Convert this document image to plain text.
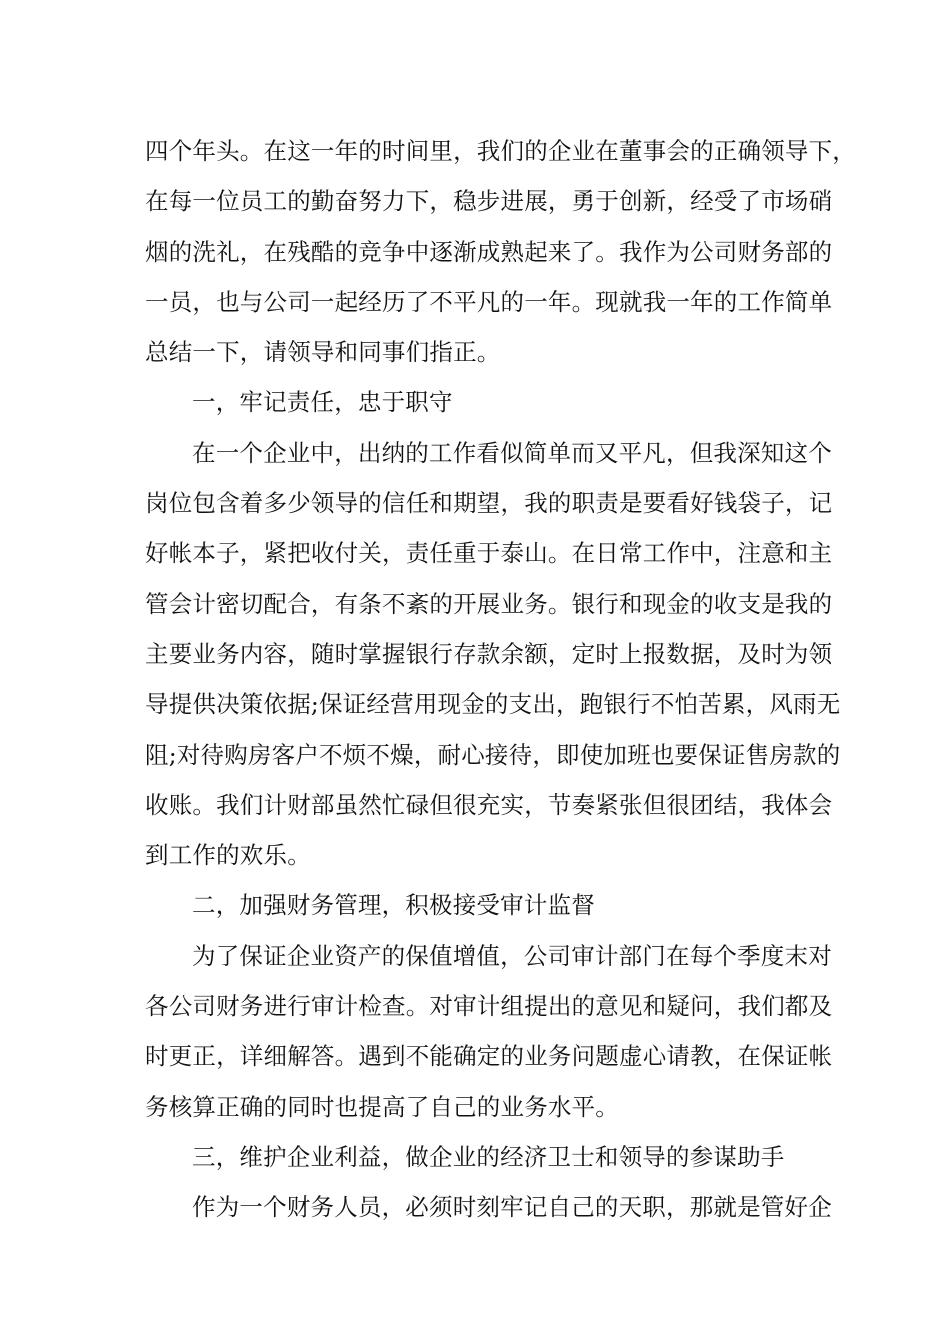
四个年头。在这一年的时间里，我们的企业在董事会的正确领导下，
在每一位员工的勤奋努力下，稳步进展，勇于创新，经受了市场硝
烟的洗礼，在残酷的竞争中逐渐成熟起来了。我作为公司财务部的
一员，也与公司一起经历了不平凡的一年。现就我一年的工作简单
总结一下，请领导和同事们指正。
一，牢记责任，忠于职守
在一个企业中，出纳的工作看似简单而又平凡，但我深知这个
岗位包含着多少领导的信任和期望，我的职责是要看好钱袋子，记
好帐本子，紧把收付关，责任重于泰山。在日常工作中，注意和主
管会计密切配合，有条不紊的开展业务。银行和现金的收支是我的
主要业务内容，随时掌握银行存款余额，定时上报数据，及时为领
导提供决策依据;保证经营用现金的支出，跑银行不怕苦累，风雨无
阻;对待购房客户不烦不燥，耐心接待，即使加班也要保证售房款的
收账。我们计财部虽然忙碌但很充实，节奏紧张但很团结，我体会
到工作的欢乐。
二，加强财务管理，积极接受审计监督
为了保证企业资产的保值增值，公司审计部门在每个季度末对
各公司财务进行审计检查。对审计组提出的意见和疑问，我们都及
时更正，详细解答。遇到不能确定的业务问题虚心请教，在保证帐
务核算正确的同时也提高了自己的业务水平。
三，维护企业利益，做企业的经济卫士和领导的参谋助手
作为一个财务人员，必须时刻牢记自己的天职，那就是管好企
